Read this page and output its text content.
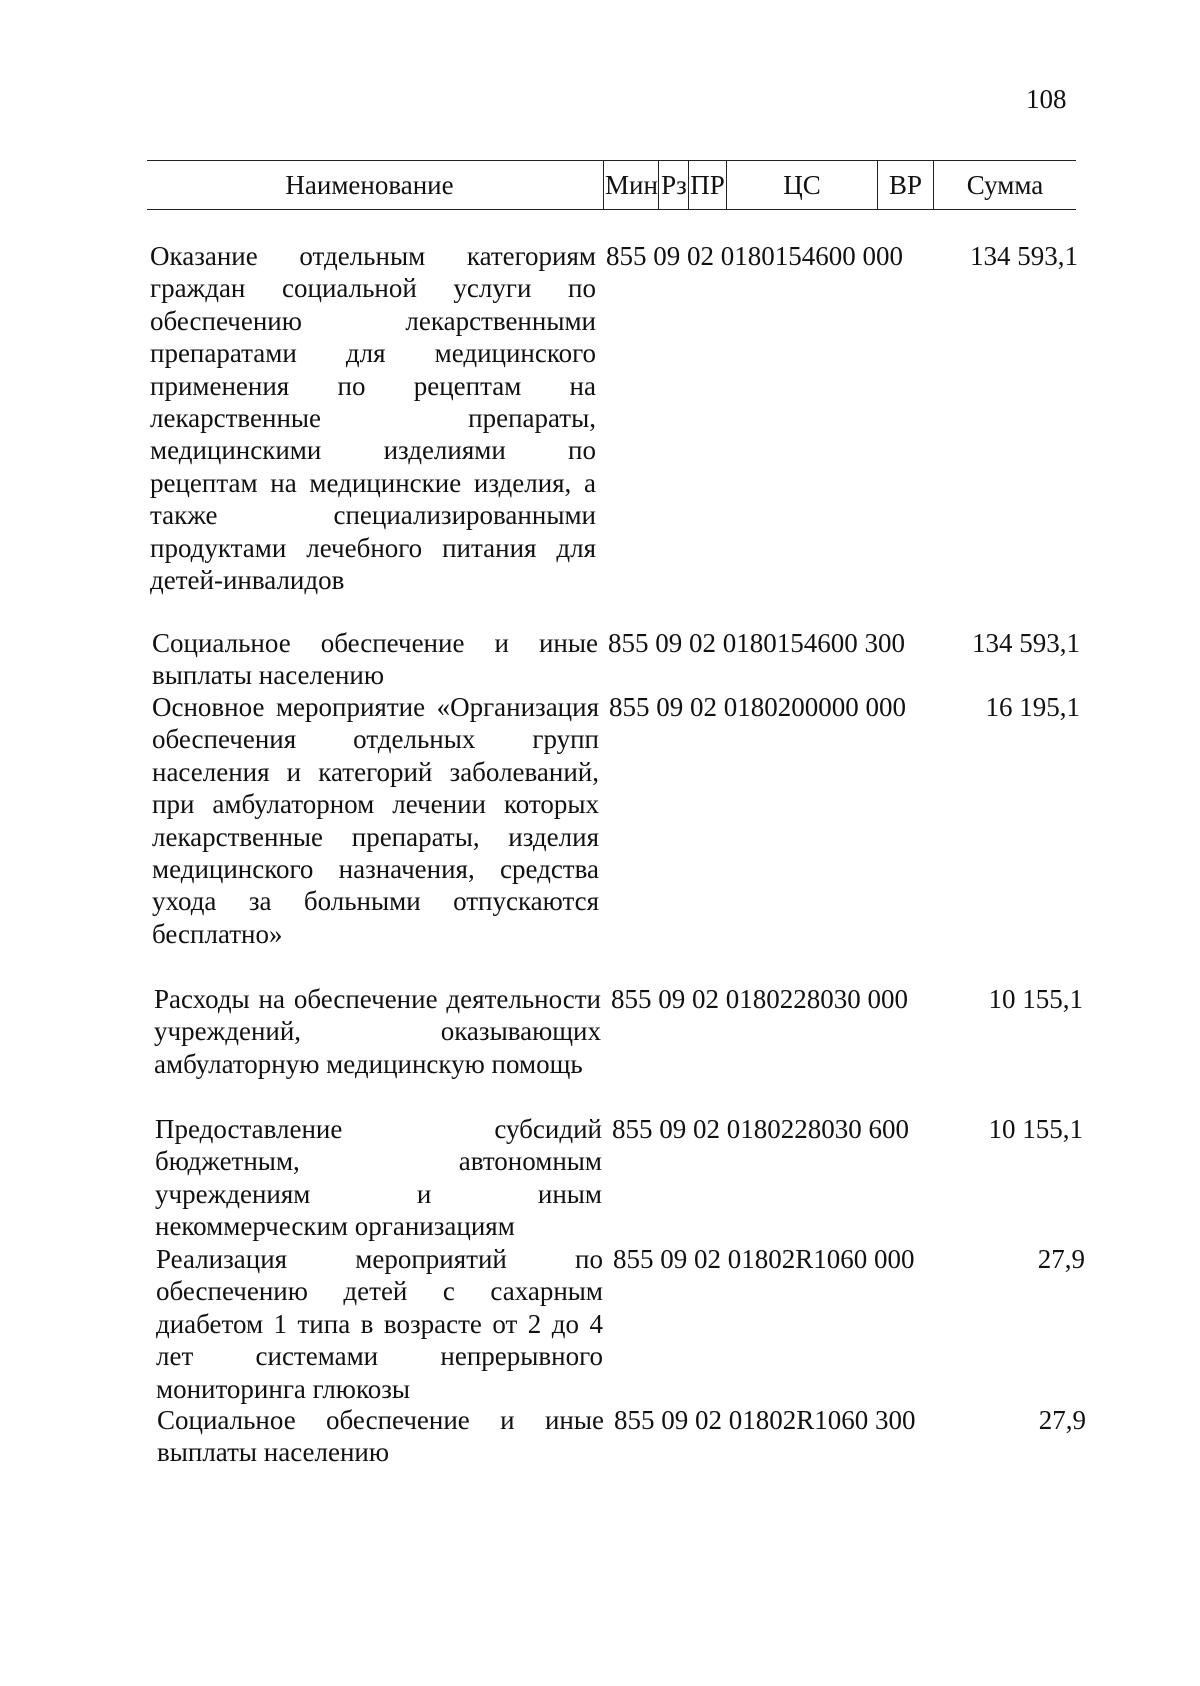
108
Наименование	Мин Рз ПР	ЦС	ВР	Сумма
Оказание отдельным категориям граждан социальной услуги по обеспечению лекарственными препаратами для медицинского применения по рецептам на лекарственные препараты, медицинскими изделиями по рецептам на медицинские изделия, а также специализированными продуктами лечебного питания для детей-инвалидов
855 09 02 0180154600 000	134 593,1
Социальное обеспечение и иные выплаты населению
855 09 02 0180154600 300	134 593,1
Основное мероприятие «Организация обеспечения отдельных групп населения и категорий заболеваний, при амбулаторном лечении которых лекарственные препараты, изделия медицинского назначения, средства ухода за больными отпускаются бесплатно»
855 09 02 0180200000 000	16 195,1
Расходы на обеспечение деятельности учреждений, оказывающих амбулаторную медицинскую помощь
855 09 02 0180228030 000	10 155,1
Предоставление субсидий бюджетным, автономным учреждениям и иным некоммерческим организациям
855 09 02 0180228030 600	10 155,1
Реализация мероприятий по обеспечению детей с сахарным диабетом 1 типа в возрасте от 2 до 4 лет системами непрерывного мониторинга глюкозы
855 09 02 01802R1060 000	27,9
Социальное обеспечение и иные выплаты населению
855 09 02 01802R1060 300	27,9
